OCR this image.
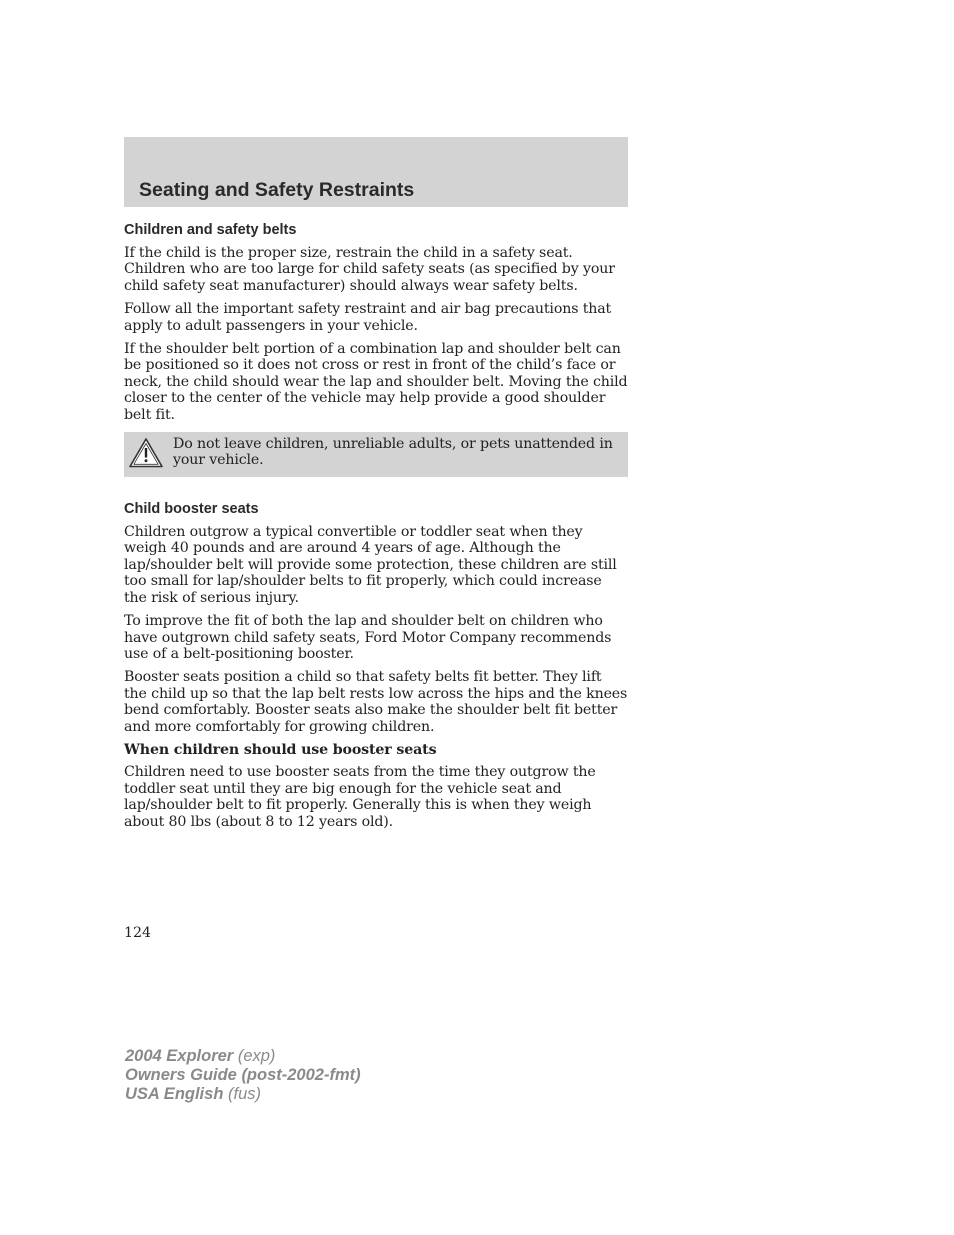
Seating and Safety Restraints
Children and safety belts

If the child is the proper size, restrain the child in a safety seat. Children who are too large for child safety seats (as specified by your child safety seat manufacturer) should always wear safety belts.

Follow all the important safety restraint and air bag precautions that apply to adult passengers in your vehicle.

If the shoulder belt portion of a combination lap and shoulder belt can be positioned so it does not cross or rest in front of the child’s face or neck, the child should wear the lap and shoulder belt. Moving the child closer to the center of the vehicle may help provide a good shoulder belt fit.

Do not leave children, unreliable adults, or pets unattended in your vehicle.

Child booster seats

Children outgrow a typical convertible or toddler seat when they weigh 40 pounds and are around 4 years of age. Although the lap/shoulder belt will provide some protection, these children are still too small for lap/shoulder belts to fit properly, which could increase the risk of serious injury.

To improve the fit of both the lap and shoulder belt on children who have outgrown child safety seats, Ford Motor Company recommends use of a belt-positioning booster.

Booster seats position a child so that safety belts fit better. They lift the child up so that the lap belt rests low across the hips and the knees bend comfortably. Booster seats also make the shoulder belt fit better and more comfortably for growing children.

When children should use booster seats

Children need to use booster seats from the time they outgrow the toddler seat until they are big enough for the vehicle seat and lap/shoulder belt to fit properly. Generally this is when they weigh about 80 lbs (about 8 to 12 years old).

124
2004 Explorer (exp)
Owners Guide (post-2002-fmt)
USA English (fus)
